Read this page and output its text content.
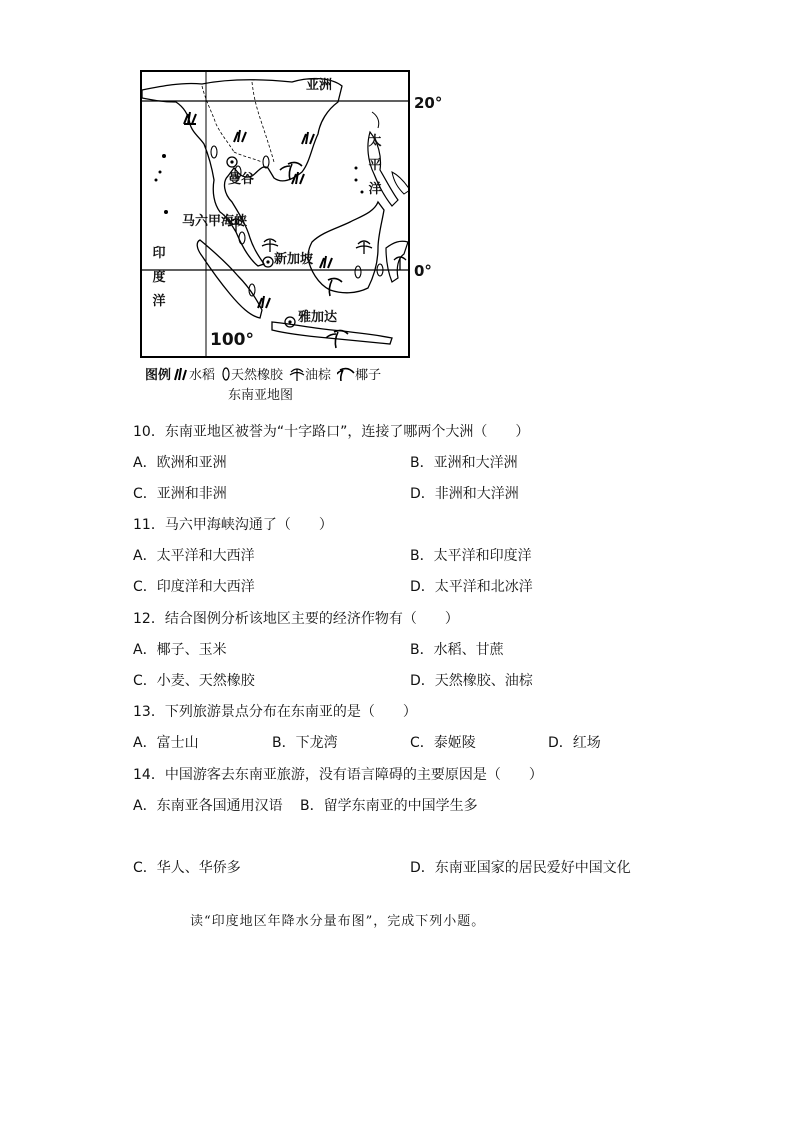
亚洲
太
平
洋
印
度
洋
曼谷
马六甲海峡
新加坡
雅加达
100°
20°
0°
图例 水稻 天然橡胶 油棕 椰子
东南亚地图
10．东南亚地区被誉为“十字路口”，连接了哪两个大洲（　　）
A．欧洲和亚洲	B．亚洲和大洋洲
C．亚洲和非洲	D．非洲和大洋洲
11．马六甲海峡沟通了（　　）
A．太平洋和大西洋	B．太平洋和印度洋
C．印度洋和大西洋	D．太平洋和北冰洋
12．结合图例分析该地区主要的经济作物有（　　）
A．椰子、玉米	B．水稻、甘蔗
C．小麦、天然橡胶	D．天然橡胶、油棕
13．下列旅游景点分布在东南亚的是（　　）
A．富士山	B．下龙湾	C．泰姬陵	D．红场
14．中国游客去东南亚旅游，没有语言障碍的主要原因是（　　）
A．东南亚各国通用汉语 B．留学东南亚的中国学生多
C．华人、华侨多	D．东南亚国家的居民爱好中国文化
读“印度地区年降水分量布图”，完成下列小题。
